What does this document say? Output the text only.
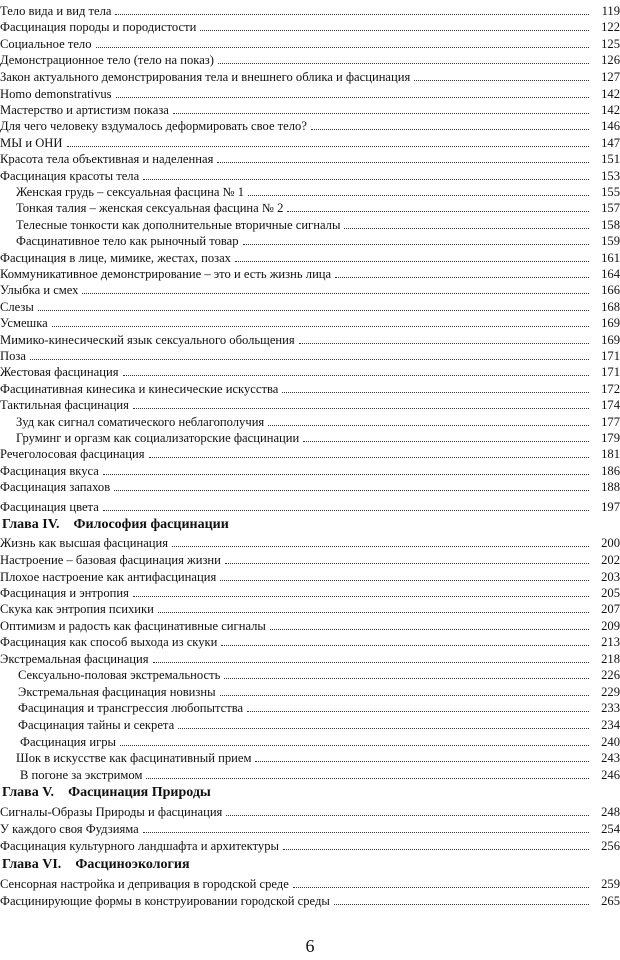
Тело вида и вид тела	119
Фасцинация породы и породистости	122
Социальное тело	125
Демонстрационное тело (тело на показ)	126
Закон актуального демонстрирования тела и внешнего облика и фасцинация	127
Homo demonstrativus	142
Мастерство и артистизм показа	142
Для чего человеку вздумалось деформировать свое тело?	146
МЫ и ОНИ	147
Красота тела объективная и наделенная	151
Фасцинация красоты тела	153
Женская грудь – сексуальная фасцина № 1	155
Тонкая талия – женская сексуальная фасцина № 2	157
Телесные тонкости как дополнительные вторичные сигналы	158
Фасцинативное тело как рыночный товар	159
Фасцинация в лице, мимике, жестах, позах	161
Коммуникативное демонстрирование – это и есть жизнь лица	164
Улыбка и смех	166
Слезы	168
Усмешка	169
Мимико-кинесический язык сексуального обольщения	169
Поза	171
Жестовая фасцинация	171
Фасцинативная кинесика и кинесические искусства	172
Тактильная фасцинация	174
Зуд как сигнал соматического неблагополучия	177
Груминг и оргазм как социализаторские фасцинации	179
Речеголосовая фасцинация	181
Фасцинация вкуса	186
Фасцинация запахов	188
Фасцинация цвета	197
Жизнь как высшая фасцинация	200
Настроение – базовая фасцинация жизни	202
Плохое настроение как антифасцинация	203
Фасцинация и энтропия	205
Скука как энтропия психики	207
Оптимизм и радость как фасцинативные сигналы	209
Фасцинация как способ выхода из скуки	213
Экстремальная фасцинация	218
Сексуально-половая экстремальность	226
Экстремальная фасцинация новизны	229
Фасцинация и трансгрессия любопытства	233
Фасцинация тайны и секрета	234
Фасцинация игры	240
Шок в искусстве как фасцинативный прием	243
В погоне за экстримом	246
Сигналы-Образы Природы и фасцинация	248
У каждого своя Фудзияма	254
Фасцинация культурного ландшафта и архитектуры	256
Сенсорная настройка и депривация в городской среде	259
Фасцинирующие формы в конструировании городской среды	265
Глава IV. Философия фасцинации
Глава V. Фасцинация Природы
Глава VI. Фасциноэкология
6
